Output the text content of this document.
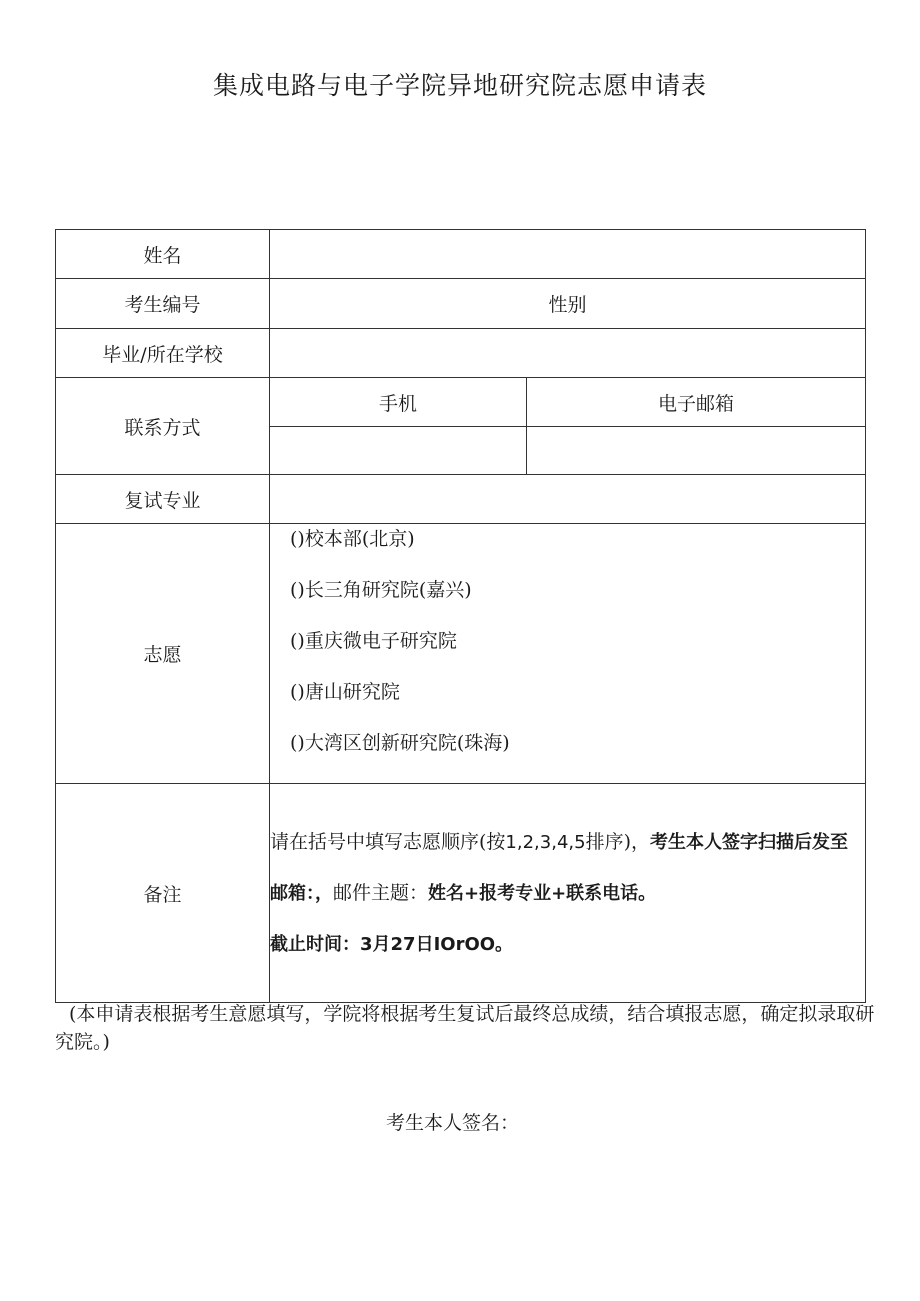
集成电路与电子学院异地研究院志愿申请表
姓名		
考生编号	性别	
毕业/所在学校		
联系方式	手机	电子邮箱

复试专业		
志愿	()校本部(北京)
()长三角研究院(嘉兴)
()重庆微电子研究院
()唐山研究院
()大湾区创新研究院(珠海)	

备注	请在括号中填写志愿顺序(按1,2,3,4,5排序)，考生本人签字扫描后发至邮箱：，邮件主题：姓名+报考专业+联系电话。
截止时间：3月27日IOrOO。	
(本申请表根据考生意愿填写，学院将根据考生复试后最终总成绩，结合填报志愿，确定拟录取研究院。)
考生本人签名：
